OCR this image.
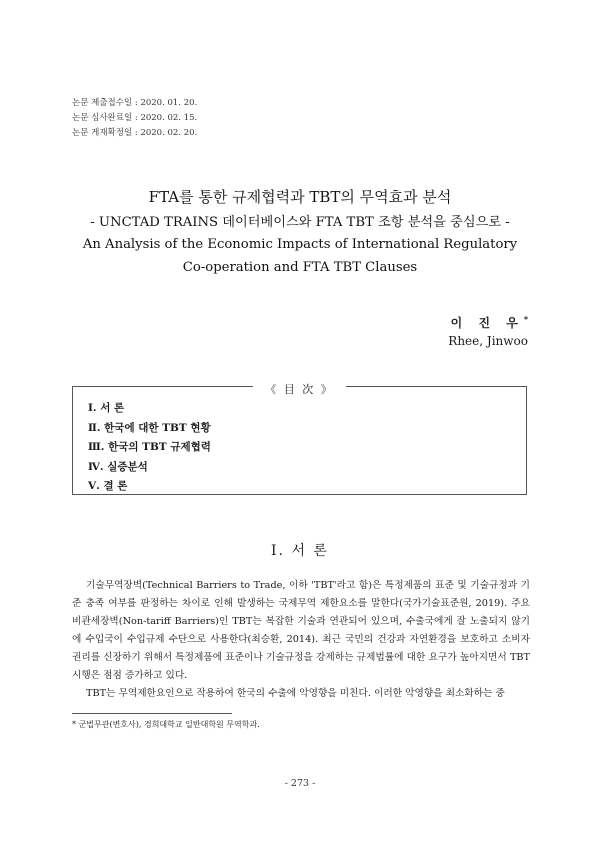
논문 제출접수일 : 2020. 01. 20.
논문 심사완료일 : 2020. 02. 15.
논문 게재확정일 : 2020. 02. 20.
FTA를 통한 규제협력과 TBT의 무역효과 분석
- UNCTAD TRAINS 데이터베이스와 FTA TBT 조항 분석을 중심으로 -
An Analysis of the Economic Impacts of International Regulatory
Co-operation and FTA TBT Clauses
이 진 우*
Rhee, Jinwoo
《 目 次 》
Ⅰ. 서 론
Ⅱ. 한국에 대한 TBT 현황
Ⅲ. 한국의 TBT 규제협력
Ⅳ. 실증분석
Ⅴ. 결 론
Ⅰ. 서 론

기술무역장벽(Technical Barriers to Trade, 이하 'TBT'라고 함)은 특정제품의 표준 및 기술규정과 기준 충족 여부를 판정하는 차이로 인해 발생하는 국제무역 제한요소를 말한다(국가기술표준원, 2019). 주요 비관세장벽(Non-tariff Barriers)인 TBT는 복잡한 기술과 연관되어 있으며, 수출국에게 잘 노출되지 않기에 수입국이 수입규제 수단으로 사용한다(최승환, 2014). 최근 국민의 건강과 자연환경을 보호하고 소비자 권리를 신장하기 위해서 특정제품에 표준이나 기술규정을 강제하는 규제법률에 대한 요구가 높아지면서 TBT 시행은 점점 증가하고 있다.

TBT는 무역제한요인으로 작용하여 한국의 수출에 악영향을 미친다. 이러한 악영향을 최소화하는 중

* 군법무관(변호사), 경희대학교 일반대학원 무역학과.
- 273 -
